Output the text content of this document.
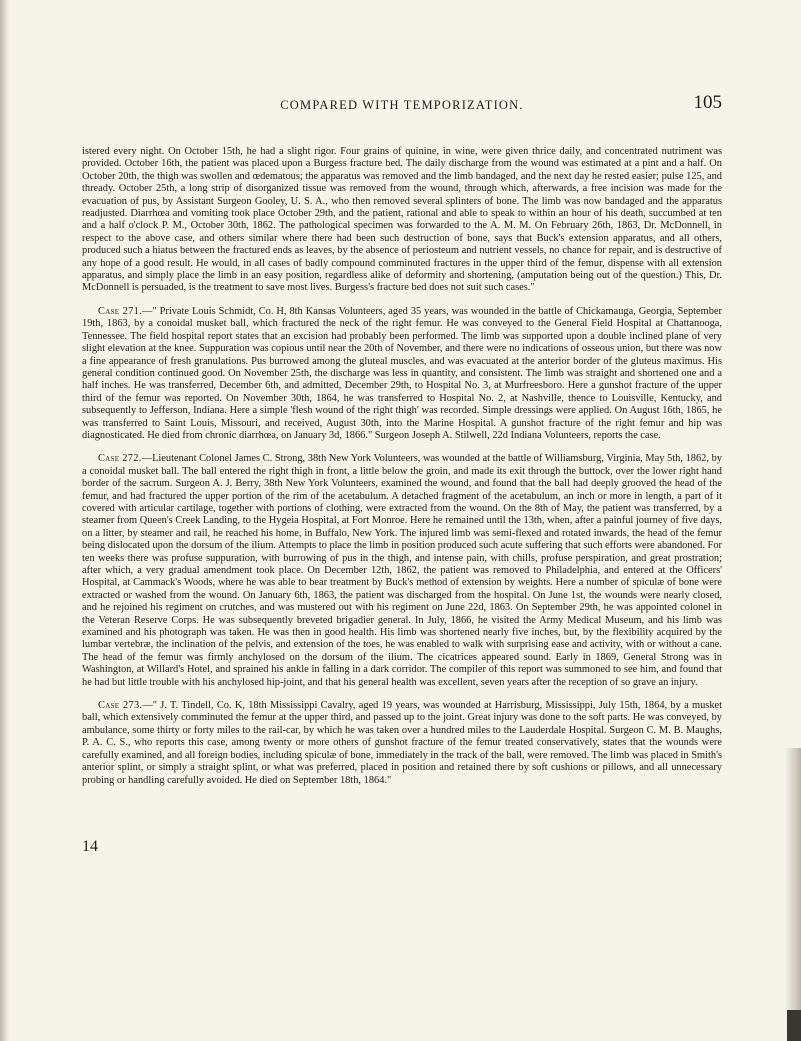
COMPARED WITH TEMPORIZATION.	105

istered every night. On October 15th, he had a slight rigor. Four grains of quinine, in wine, were given thrice daily, and concentrated nutriment was provided. October 16th, the patient was placed upon a Burgess fracture bed. The daily discharge from the wound was estimated at a pint and a half. On October 20th, the thigh was swollen and œdematous; the apparatus was removed and the limb bandaged, and the next day he rested easier; pulse 125, and thready. October 25th, a long strip of disorganized tissue was removed from the wound, through which, afterwards, a free incision was made for the evacuation of pus, by Assistant Surgeon Gooley, U. S. A., who then removed several splinters of bone. The limb was now bandaged and the apparatus readjusted. Diarrhœa and vomiting took place October 29th, and the patient, rational and able to speak to within an hour of his death, succumbed at ten and a half o'clock P. M., October 30th, 1862. The pathological specimen was forwarded to the A. M. M. On February 26th, 1863, Dr. McDonnell, in respect to the above case, and others similar where there had been such destruction of bone, says that Buck's extension apparatus, and all others, produced such a hiatus between the fractured ends as leaves, by the absence of periosteum and nutrient vessels, no chance for repair, and is destructive of any hope of a good result. He would, in all cases of badly compound comminuted fractures in the upper third of the femur, dispense with all extension apparatus, and simply place the limb in an easy position, regardless alike of deformity and shortening, (amputation being out of the question.) This, Dr. McDonnell is persuaded, is the treatment to save most lives. Burgess's fracture bed does not suit such cases."

Case 271.—" Private Louis Schmidt, Co. H, 8th Kansas Volunteers, aged 35 years, was wounded in the battle of Chickamauga, Georgia, September 19th, 1863, by a conoidal musket ball, which fractured the neck of the right femur. He was conveyed to the General Field Hospital at Chattanooga, Tennessee. The field hospital report states that an excision had probably been performed. The limb was supported upon a double inclined plane of very slight elevation at the knee. Suppuration was copious until near the 20th of November, and there were no indications of osseous union, but there was now a fine appearance of fresh granulations. Pus burrowed among the gluteal muscles, and was evacuated at the anterior border of the gluteus maximus. His general condition continued good. On November 25th, the discharge was less in quantity, and consistent. The limb was straight and shortened one and a half inches. He was transferred, December 6th, and admitted, December 29th, to Hospital No. 3, at Murfreesboro. Here a gunshot fracture of the upper third of the femur was reported. On November 30th, 1864, he was transferred to Hospital No. 2, at Nashville, thence to Louisville, Kentucky, and subsequently to Jefferson, Indiana. Here a simple 'flesh wound of the right thigh' was recorded. Simple dressings were applied. On August 16th, 1865, he was transferred to Saint Louis, Missouri, and received, August 30th, into the Marine Hospital. A gunshot fracture of the right femur and hip was diagnosticated. He died from chronic diarrhœa, on January 3d, 1866." Surgeon Joseph A. Stilwell, 22d Indiana Volunteers, reports the case.

Case 272.—Lieutenant Colonel James C. Strong, 38th New York Volunteers, was wounded at the battle of Williamsburg, Virginia, May 5th, 1862, by a conoidal musket ball. The ball entered the right thigh in front, a little below the groin, and made its exit through the buttock, over the lower right hand border of the sacrum. Surgeon A. J. Berry, 38th New York Volunteers, examined the wound, and found that the ball had deeply grooved the head of the femur, and had fractured the upper portion of the rim of the acetabulum. A detached fragment of the acetabulum, an inch or more in length, a part of it covered with articular cartilage, together with portions of clothing, were extracted from the wound. On the 8th of May, the patient was transferred, by a steamer from Queen's Creek Landing, to the Hygeia Hospital, at Fort Monroe. Here he remained until the 13th, when, after a painful journey of five days, on a litter, by steamer and rail, he reached his home, in Buffalo, New York. The injured limb was semi-flexed and rotated inwards, the head of the femur being dislocated upon the dorsum of the ilium. Attempts to place the limb in position produced such acute suffering that such efforts were abandoned. For ten weeks there was profuse suppuration, with burrowing of pus in the thigh, and intense pain, with chills, profuse perspiration, and great prostration; after which, a very gradual amendment took place. On December 12th, 1862, the patient was removed to Philadelphia, and entered at the Officers' Hospital, at Cammack's Woods, where he was able to bear treatment by Buck's method of extension by weights. Here a number of spiculæ of bone were extracted or washed from the wound. On January 6th, 1863, the patient was discharged from the hospital. On June 1st, the wounds were nearly closed, and he rejoined his regiment on crutches, and was mustered out with his regiment on June 22d, 1863. On September 29th, he was appointed colonel in the Veteran Reserve Corps. He was subsequently breveted brigadier general. In July, 1866, he visited the Army Medical Museum, and his limb was examined and his photograph was taken. He was then in good health. His limb was shortened nearly five inches, but, by the flexibility acquired by the lumbar vertebræ, the inclination of the pelvis, and extension of the toes, he was enabled to walk with surprising ease and activity, with or without a cane. The head of the femur was firmly anchylosed on the dorsum of the ilium. The cicatrices appeared sound. Early in 1869, General Strong was in Washington, at Willard's Hotel, and sprained his ankle in falling in a dark corridor. The compiler of this report was summoned to see him, and found that he had but little trouble with his anchylosed hip-joint, and that his general health was excellent, seven years after the reception of so grave an injury.

Case 273.—" J. T. Tindell, Co. K, 18th Mississippi Cavalry, aged 19 years, was wounded at Harrisburg, Mississippi, July 15th, 1864, by a musket ball, which extensively comminuted the femur at the upper third, and passed up to the joint. Great injury was done to the soft parts. He was conveyed, by ambulance, some thirty or forty miles to the rail-car, by which he was taken over a hundred miles to the Lauderdale Hospital. Surgeon C. M. B. Maughs, P. A. C. S., who reports this case, among twenty or more others of gunshot fracture of the femur treated conservatively, states that the wounds were carefully examined, and all foreign bodies, including spiculæ of bone, immediately in the track of the ball, were removed. The limb was placed in Smith's anterior splint, or simply a straight splint, or what was preferred, placed in position and retained there by soft cushions or pillows, and all unnecessary probing or handling carefully avoided. He died on September 18th, 1864."

14
